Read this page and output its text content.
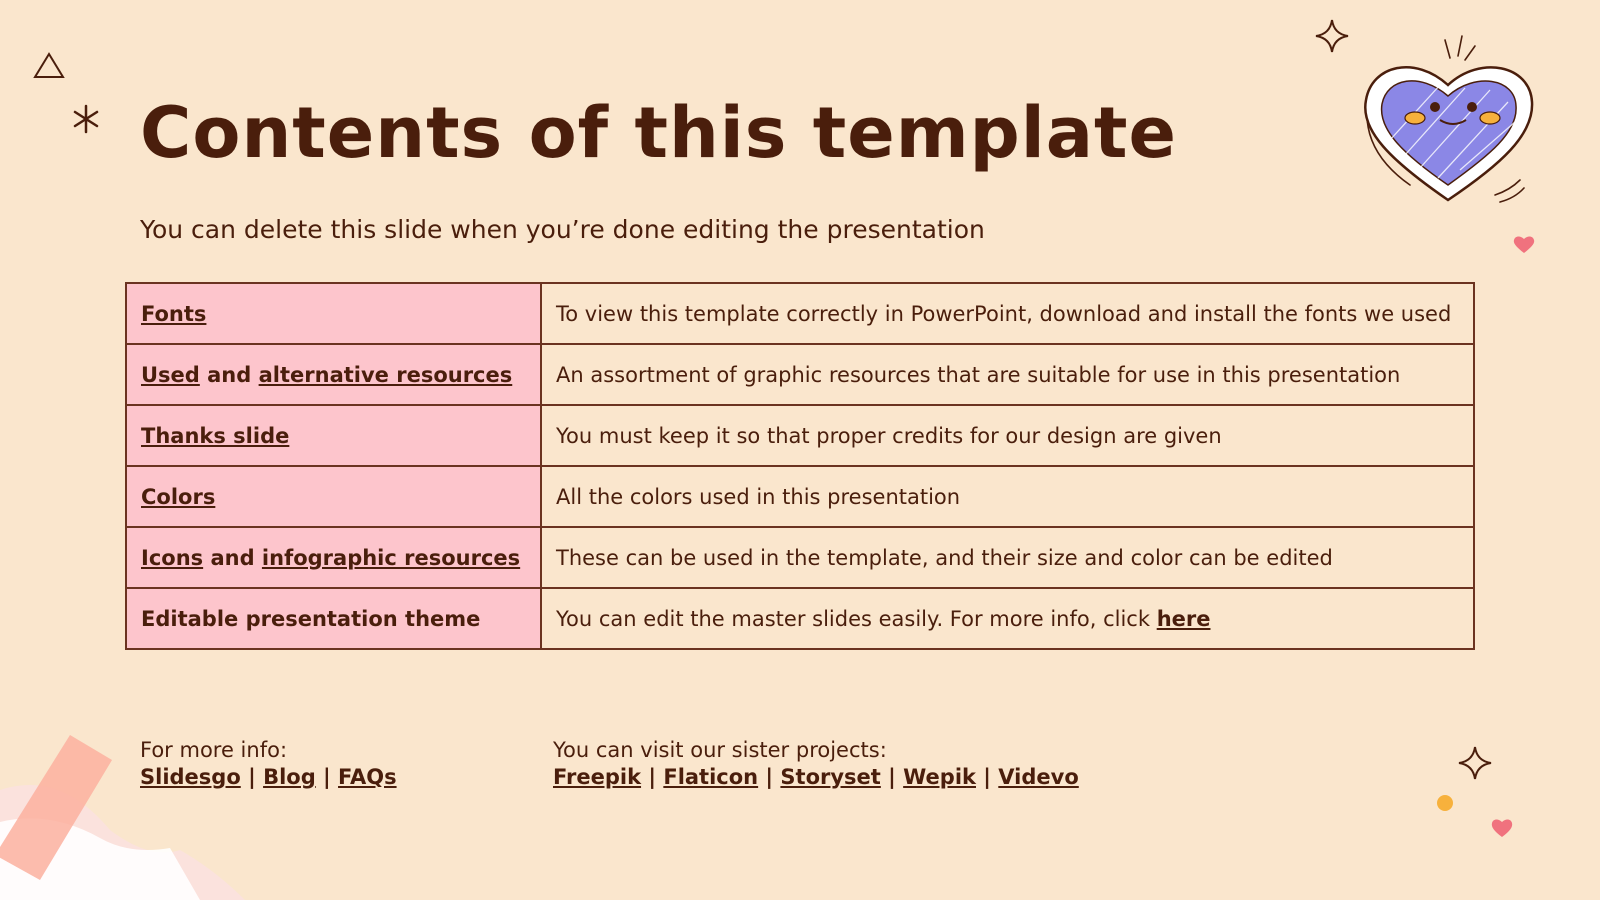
Contents of this template
You can delete this slide when you’re done editing the presentation
Fonts	To view this template correctly in PowerPoint, download and install the fonts we used
Used and alternative resources	An assortment of graphic resources that are suitable for use in this presentation
Thanks slide	You must keep it so that proper credits for our design are given
Colors	All the colors used in this presentation
Icons and infographic resources	These can be used in the template, and their size and color can be edited
Editable presentation theme	You can edit the master slides easily. For more info, click here
For more info:
Slidesgo | Blog | FAQs
You can visit our sister projects:
Freepik | Flaticon | Storyset | Wepik | Videvo
